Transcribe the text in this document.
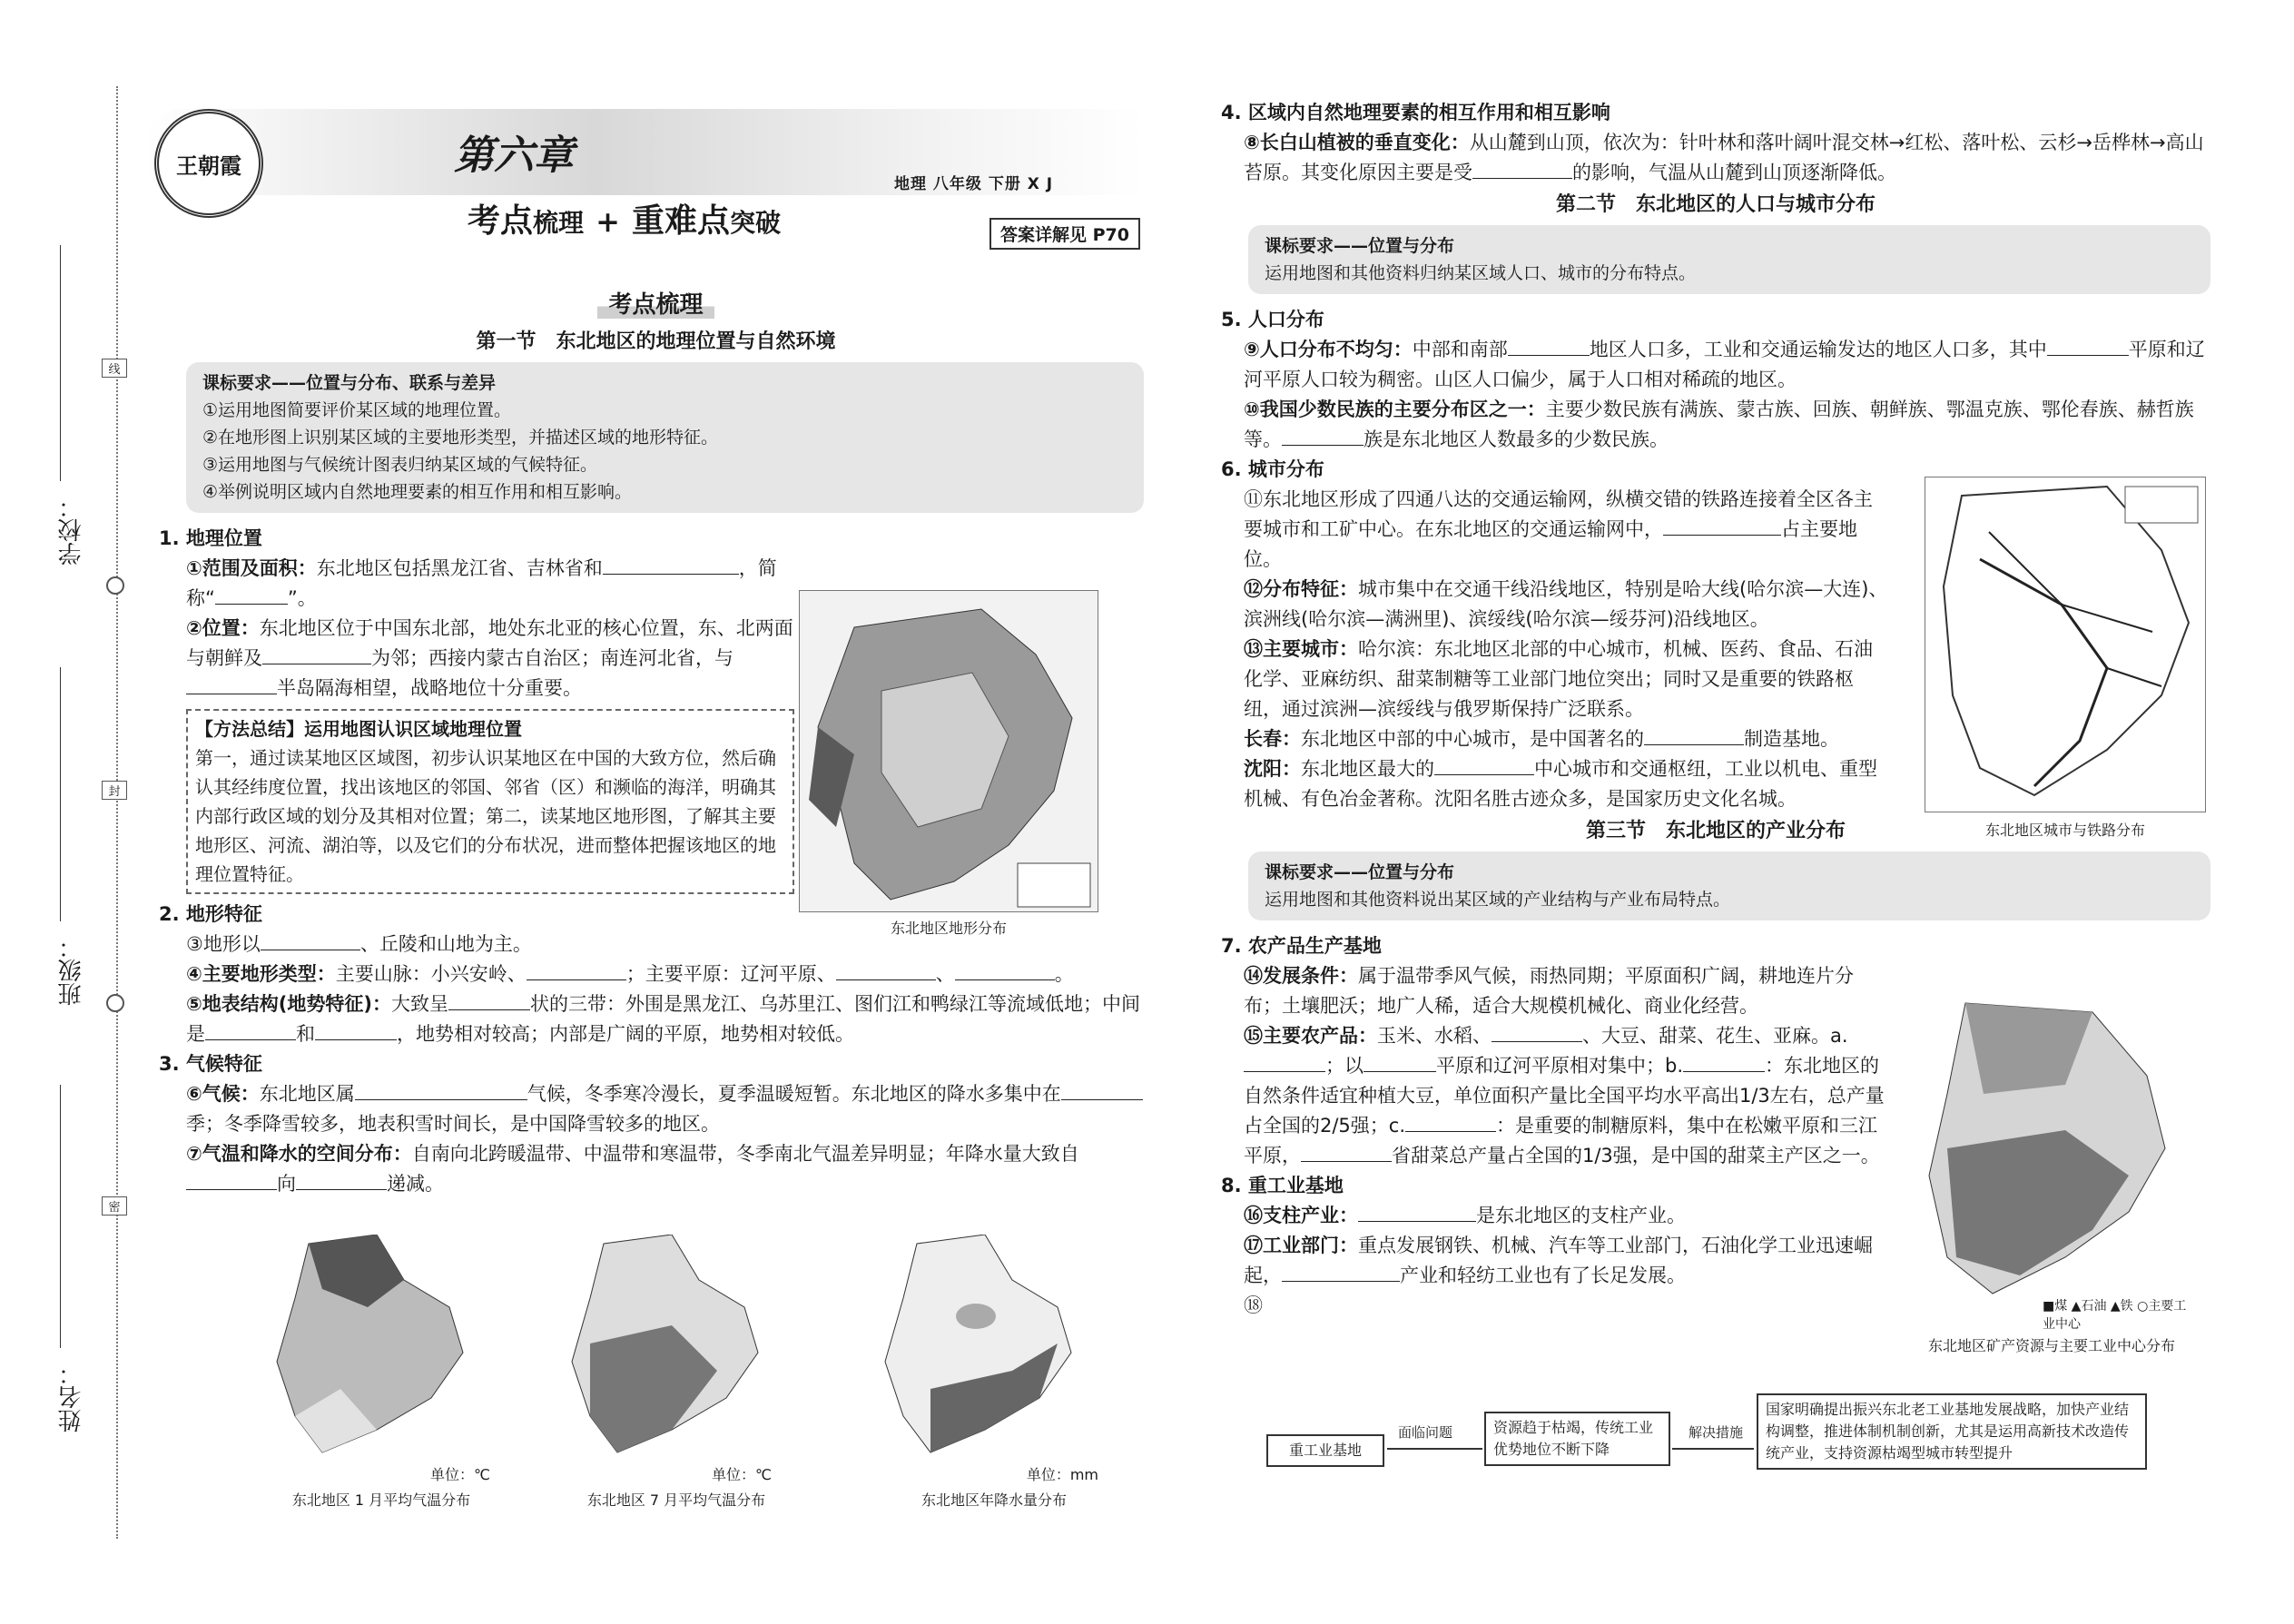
学校：
班级：
姓名：
线
封
密
王朝霞	第六章
考点梳理 + 重难点突破
地理 八年级 下册 X J
答案详解见 P70
考点梳理
第一节　东北地区的地理位置与自然环境
课标要求——位置与分布、联系与差异
①运用地图简要评价某区域的地理位置。
②在地形图上识别某区域的主要地形类型，并描述区域的地形特征。
③运用地图与气候统计图表归纳某区域的气候特征。
④举例说明区域内自然地理要素的相互作用和相互影响。

1. 地理位置

①范围及面积：东北地区包括黑龙江省、吉林省和	，简称“	”。

②位置：东北地区位于中国东北部，地处东北亚的核心位置，东、北两面与朝鲜及	为邻；西接内蒙古自治区；南连河北省，与半岛隔海相望，战略地位十分重要。

【方法总结】运用地图认识区域地理位置
第一，通过读某地区区域图，初步认识某地区在中国的大致方位，然后确认其经纬度位置，找出该地区的邻国、邻省（区）和濒临的海洋，明确其内部行政区域的划分及其相对位置；第二，读某地区地形图，了解其主要地形区、河流、湖泊等，以及它们的分布状况，进而整体把握该地区的地理位置特征。

2. 地形特征

③地形以	、丘陵和山地为主。

④主要地形类型：主要山脉：小兴安岭、	；主要平原：辽河平原、	、	。

⑤地表结构(地势特征)：大致呈	状的三带：外围是黑龙江、乌苏里江、图们江和鸭绿江等流域低地；中间是	和	，地势相对较高；内部是广阔的平原，地势相对较低。

3. 气候特征

⑥气候：东北地区属	气候，冬季寒冷漫长，夏季温暖短暂。东北地区的降水多集中在季；冬季降雪较多，地表积雪时间长，是中国降雪较多的地区。

⑦气温和降水的空间分布：自南向北跨暖温带、中温带和寒温带，冬季南北气温差异明显；年降水量大致自向	递减。

东北地区地形分布
单位：℃
东北地区 1 月平均气温分布
单位：℃
东北地区 7 月平均气温分布
单位：mm
东北地区年降水量分布

4. 区域内自然地理要素的相互作用和相互影响

⑧长白山植被的垂直变化：从山麓到山顶，依次为：针叶林和落叶阔叶混交林→红松、落叶松、云杉→岳桦林→高山苔原。其变化原因主要是受	的影响，气温从山麓到山顶逐渐降低。

第二节　东北地区的人口与城市分布
课标要求——位置与分布
运用地图和其他资料归纳某区域人口、城市的分布特点。

5. 人口分布

⑨人口分布不均匀：中部和南部	地区人口多，工业和交通运输发达的地区人口多，其中	平原和辽河平原人口较为稠密。山区人口偏少，属于人口相对稀疏的地区。

⑩我国少数民族的主要分布区之一：主要少数民族有满族、蒙古族、回族、朝鲜族、鄂温克族、鄂伦春族、赫哲族等。	族是东北地区人数最多的少数民族。

6. 城市分布

⑪东北地区形成了四通八达的交通运输网，纵横交错的铁路连接着全区各主要城市和工矿中心。在东北地区的交通运输网中，	占主要地位。

⑫分布特征：城市集中在交通干线沿线地区，特别是哈大线(哈尔滨—大连)、滨洲线(哈尔滨—满洲里)、滨绥线(哈尔滨—绥芬河)沿线地区。

⑬主要城市：哈尔滨：东北地区北部的中心城市，机械、医药、食品、石油化学、亚麻纺织、甜菜制糖等工业部门地位突出；同时又是重要的铁路枢纽，通过滨洲—滨绥线与俄罗斯保持广泛联系。

长春：东北地区中部的中心城市，是中国著名的	制造基地。

沈阳：东北地区最大的	中心城市和交通枢纽，工业以机电、重型机械、有色冶金著称。沈阳名胜古迹众多，是国家历史文化名城。

第三节　东北地区的产业分布
课标要求——位置与分布
运用地图和其他资料说出某区域的产业结构与产业布局特点。

7. 农产品生产基地

⑭发展条件：属于温带季风气候，雨热同期；平原面积广阔，耕地连片分布；土壤肥沃；地广人稀，适合大规模机械化、商业化经营。

⑮主要农产品：玉米、水稻、	、大豆、甜菜、花生、亚麻。a.；以	平原和辽河平原相对集中；b.	：东北地区的自然条件适宜种植大豆，单位面积产量比全国平均水平高出1/3左右，总产量占全国的2/5强；c.	：是重要的制糖原料，集中在松嫩平原和三江平原，	省甜菜总产量占全国的1/3强，是中国的甜菜主产区之一。

8. 重工业基地

⑯支柱产业：	是东北地区的支柱产业。

⑰工业部门：重点发展钢铁、机械、汽车等工业部门，石油化学工业迅速崛起，	产业和轻纺工业也有了长足发展。

⑱

东北地区城市与铁路分布
■煤 ▲石油 ▲铁 ○主要工业中心
东北地区矿产资源与主要工业中心分布
重工业基地
面临问题	资源趋于枯竭，传统工业优势地位不断下降
解决措施
国家明确提出振兴东北老工业基地发展战略，加快产业结构调整，推进体制机制创新，尤其是运用高新技术改造传统产业，支持资源枯竭型城市转型提升
